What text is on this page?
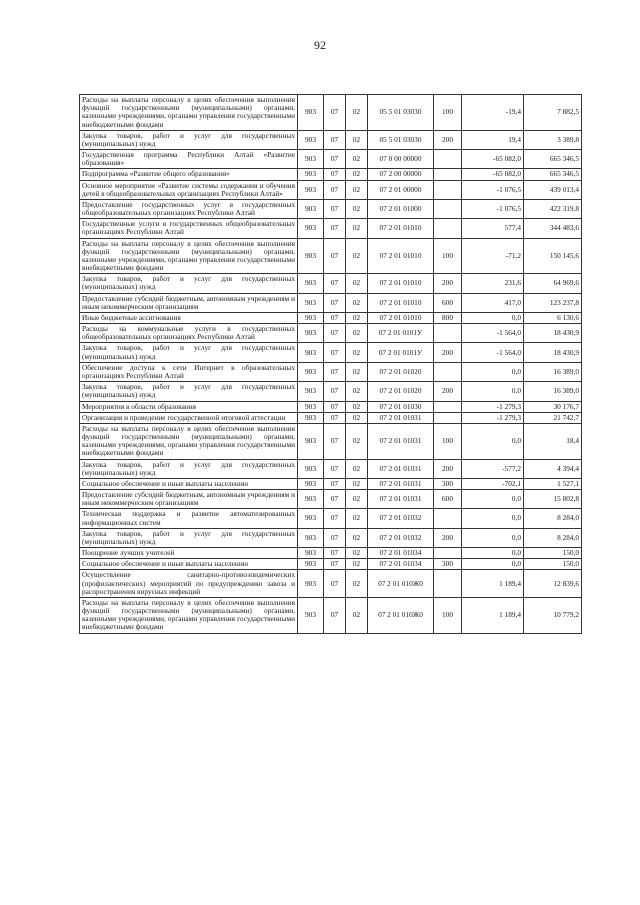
92
Расходы на выплаты персоналу в целях обеспечения выполнения функций государственными (муниципальными) органами, казенными учреждениями, органами управления государственными внебюджетными фондами	903	07	02	05 5 01 03030	100	-19,4	7 882,5
Закупка товаров, работ и услуг для государственных (муниципальных) нужд	903	07	02	05 5 01 03030	200	19,4	3 389,8
Государственная программа Республики Алтай «Развитие образования»	903	07	02	07 0 00 00000		-65 082,0	665 346,5
Подпрограмма «Развитие общего образования»	903	07	02	07 2 00 00000		-65 082,0	665 346,5
Основное мероприятие «Развитие системы содержания и обучения детей в общеобразовательных организациях Республики Алтай»	903	07	02	07 2 01 00000		-1 076,5	439 013,4
Предоставление государственных услуг в государственных общеобразовательных организациях Республики Алтай	903	07	02	07 2 01 01000		-1 076,5	422 319,8
Государственные услуги в государственных общеобразовательных организациях Республики Алтай	903	07	02	07 2 01 01010		577,4	344 483,6
Расходы на выплаты персоналу в целях обеспечения выполнения функций государственными (муниципальными) органами, казенными учреждениями, органами управления государственными внебюджетными фондами	903	07	02	07 2 01 01010	100	-71,2	150 145,6
Закупка товаров, работ и услуг для государственных (муниципальных) нужд	903	07	02	07 2 01 01010	200	231,6	64 969,6
Предоставление субсидий бюджетным, автономным учреждениям и иным некоммерческим организациям	903	07	02	07 2 01 01010	600	417,0	123 237,8
Иные бюджетные ассигнования	903	07	02	07 2 01 01010	800	0,0	6 130,6
Расходы на коммунальные услуги в государственных общеобразовательных организациях Республики Алтай	903	07	02	07 2 01 0101У		-1 564,0	18 430,9
Закупка товаров, работ и услуг для государственных (муниципальных) нужд	903	07	02	07 2 01 0101У	200	-1 564,0	18 430,9
Обеспечение доступа к сети Интернет в образовательных организациях Республики Алтай	903	07	02	07 2 01 01020		0,0	16 389,0
Закупка товаров, работ и услуг для государственных (муниципальных) нужд	903	07	02	07 2 01 01020	200	0,0	16 389,0
Мероприятия в области образования	903	07	02	07 2 01 01030		-1 279,3	30 176,7
Организация и проведение государственной итоговой аттестации	903	07	02	07 2 01 01031		-1 279,3	21 742,7
Расходы на выплаты персоналу в целях обеспечения выполнения функций государственными (муниципальными) органами, казенными учреждениями, органами управления государственными внебюджетными фондами	903	07	02	07 2 01 01031	100	0,0	18,4
Закупка товаров, работ и услуг для государственных (муниципальных) нужд	903	07	02	07 2 01 01031	200	-577,2	4 394,4
Социальное обеспечение и иные выплаты населению	903	07	02	07 2 01 01031	300	-702,1	1 527,1
Предоставление субсидий бюджетным, автономным учреждениям и иным некоммерческим организациям	903	07	02	07 2 01 01031	600	0,0	15 802,8
Техническая поддержка и развитие автоматизированных информационных систем	903	07	02	07 2 01 01032		0,0	8 284,0
Закупка товаров, работ и услуг для государственных (муниципальных) нужд	903	07	02	07 2 01 01032	200	0,0	8 284,0
Поощрение лучших учителей	903	07	02	07 2 01 01034		0,0	150,0
Социальное обеспечение и иные выплаты населению	903	07	02	07 2 01 01034	300	0,0	150,0
Осуществление санитарно-противоэпидемических (профилактических) мероприятий по предупреждению завоза и распространения вирусных инфекций	903	07	02	07 2 01 010Ж0		1 189,4	12 839,6
Расходы на выплаты персоналу в целях обеспечения выполнения функций государственными (муниципальными) органами, казенными учреждениями, органами управления государственными внебюджетными фондами	903	07	02	07 2 01 010Ж0	100	1 189,4	10 779,2
